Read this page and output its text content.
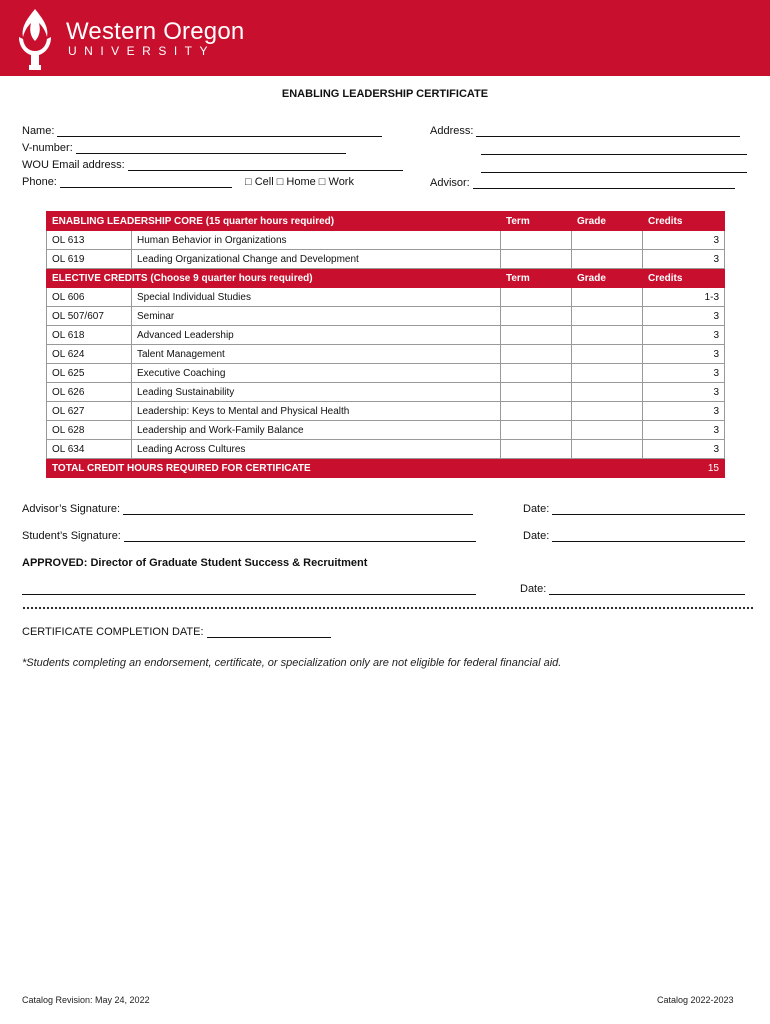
Western Oregon
UNIVERSITY
ENABLING LEADERSHIP CERTIFICATE
Name:
V-number:
WOU Email address:
Phone:	□ Cell □ Home □ Work
Address:
Advisor:
ENABLING LEADERSHIP CORE (15 quarter hours required)		Term	Grade	Credits
OL 613	Human Behavior in Organizations			3
OL 619	Leading Organizational Change and Development			3
ELECTIVE CREDITS (Choose 9 quarter hours required)		Term	Grade	Credits
OL 606	Special Individual Studies			1-3
OL 507/607	Seminar			3
OL 618	Advanced Leadership			3
OL 624	Talent Management			3
OL 625	Executive Coaching			3
OL 626	Leading Sustainability			3
OL 627	Leadership: Keys to Mental and Physical Health			3
OL 628	Leadership and Work-Family Balance			3
OL 634	Leading Across Cultures			3
TOTAL CREDIT HOURS REQUIRED FOR CERTIFICATE				15
Advisor’s Signature:	Date:
Student’s Signature:	Date:
APPROVED: Director of Graduate Student Success & Recruitment
Date:
CERTIFICATE COMPLETION DATE:
*Students completing an endorsement, certificate, or specialization only are not eligible for federal financial aid.
Catalog Revision: May 24, 2022	Catalog 2022-2023
